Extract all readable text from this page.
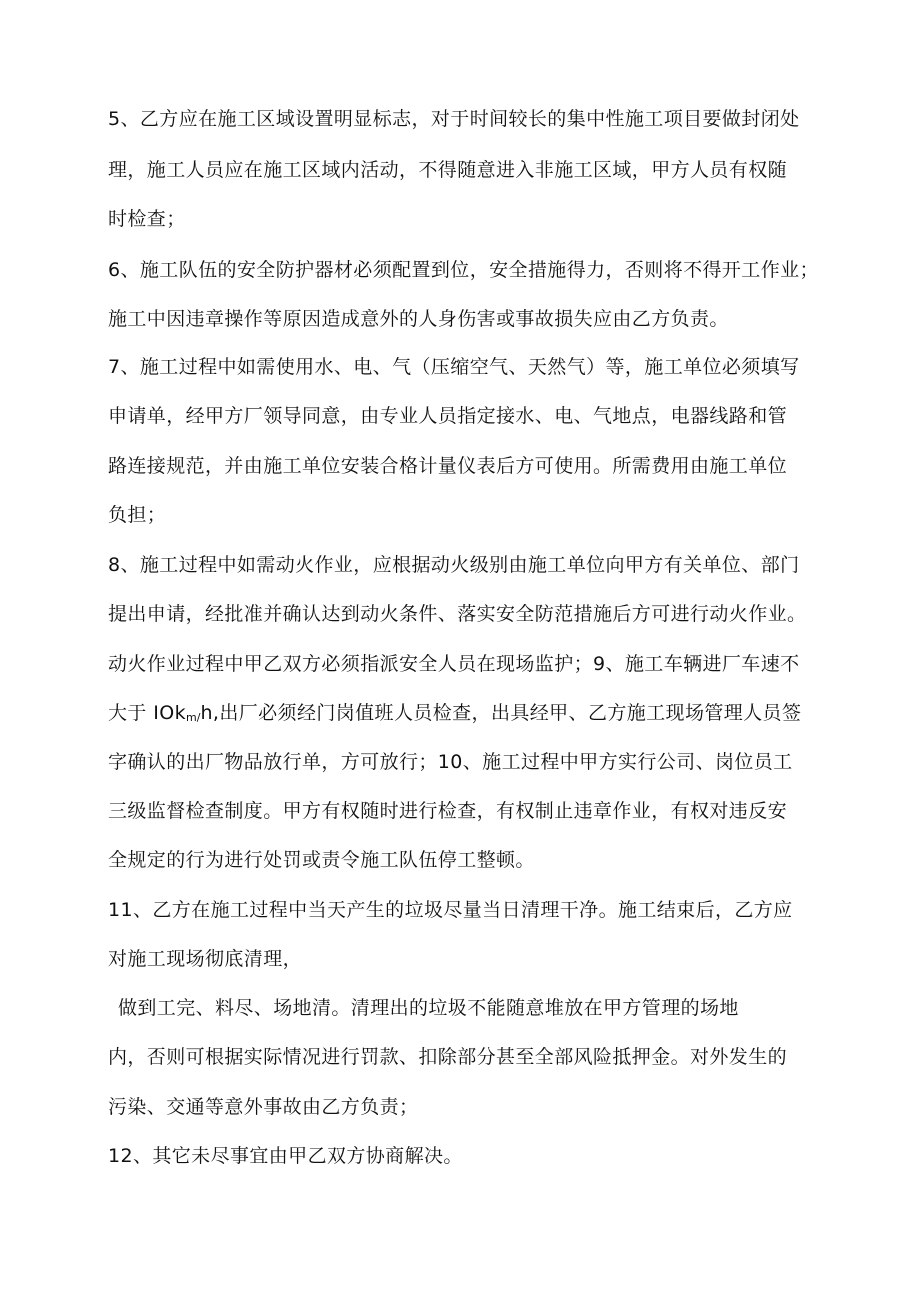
5、乙方应在施工区域设置明显标志，对于时间较长的集中性施工项目要做封闭处
理，施工人员应在施工区域内活动，不得随意进入非施工区域，甲方人员有权随
时检查；
6、施工队伍的安全防护器材必须配置到位，安全措施得力，否则将不得开工作业；
施工中因违章操作等原因造成意外的人身伤害或事故损失应由乙方负责。
7、施工过程中如需使用水、电、气（压缩空气、天然气）等，施工单位必须填写
申请单，经甲方厂领导同意，由专业人员指定接水、电、气地点，电器线路和管
路连接规范，并由施工单位安装合格计量仪表后方可使用。所需费用由施工单位
负担；
8、施工过程中如需动火作业，应根据动火级别由施工单位向甲方有关单位、部门
提出申请，经批准并确认达到动火条件、落实安全防范措施后方可进行动火作业。
动火作业过程中甲乙双方必须指派安全人员在现场监护；9、施工车辆进厂车速不
大于 IOkm/h,出厂必须经门岗值班人员检查，出具经甲、乙方施工现场管理人员签
字确认的出厂物品放行单，方可放行；10、施工过程中甲方实行公司、岗位员工
三级监督检查制度。甲方有权随时进行检查，有权制止违章作业，有权对违反安
全规定的行为进行处罚或责令施工队伍停工整顿。
11、乙方在施工过程中当天产生的垃圾尽量当日清理干净。施工结束后，乙方应
对施工现场彻底清理，
做到工完、料尽、场地清。清理出的垃圾不能随意堆放在甲方管理的场地
内，否则可根据实际情况进行罚款、扣除部分甚至全部风险抵押金。对外发生的
污染、交通等意外事故由乙方负责；
12、其它未尽事宜由甲乙双方协商解决。
